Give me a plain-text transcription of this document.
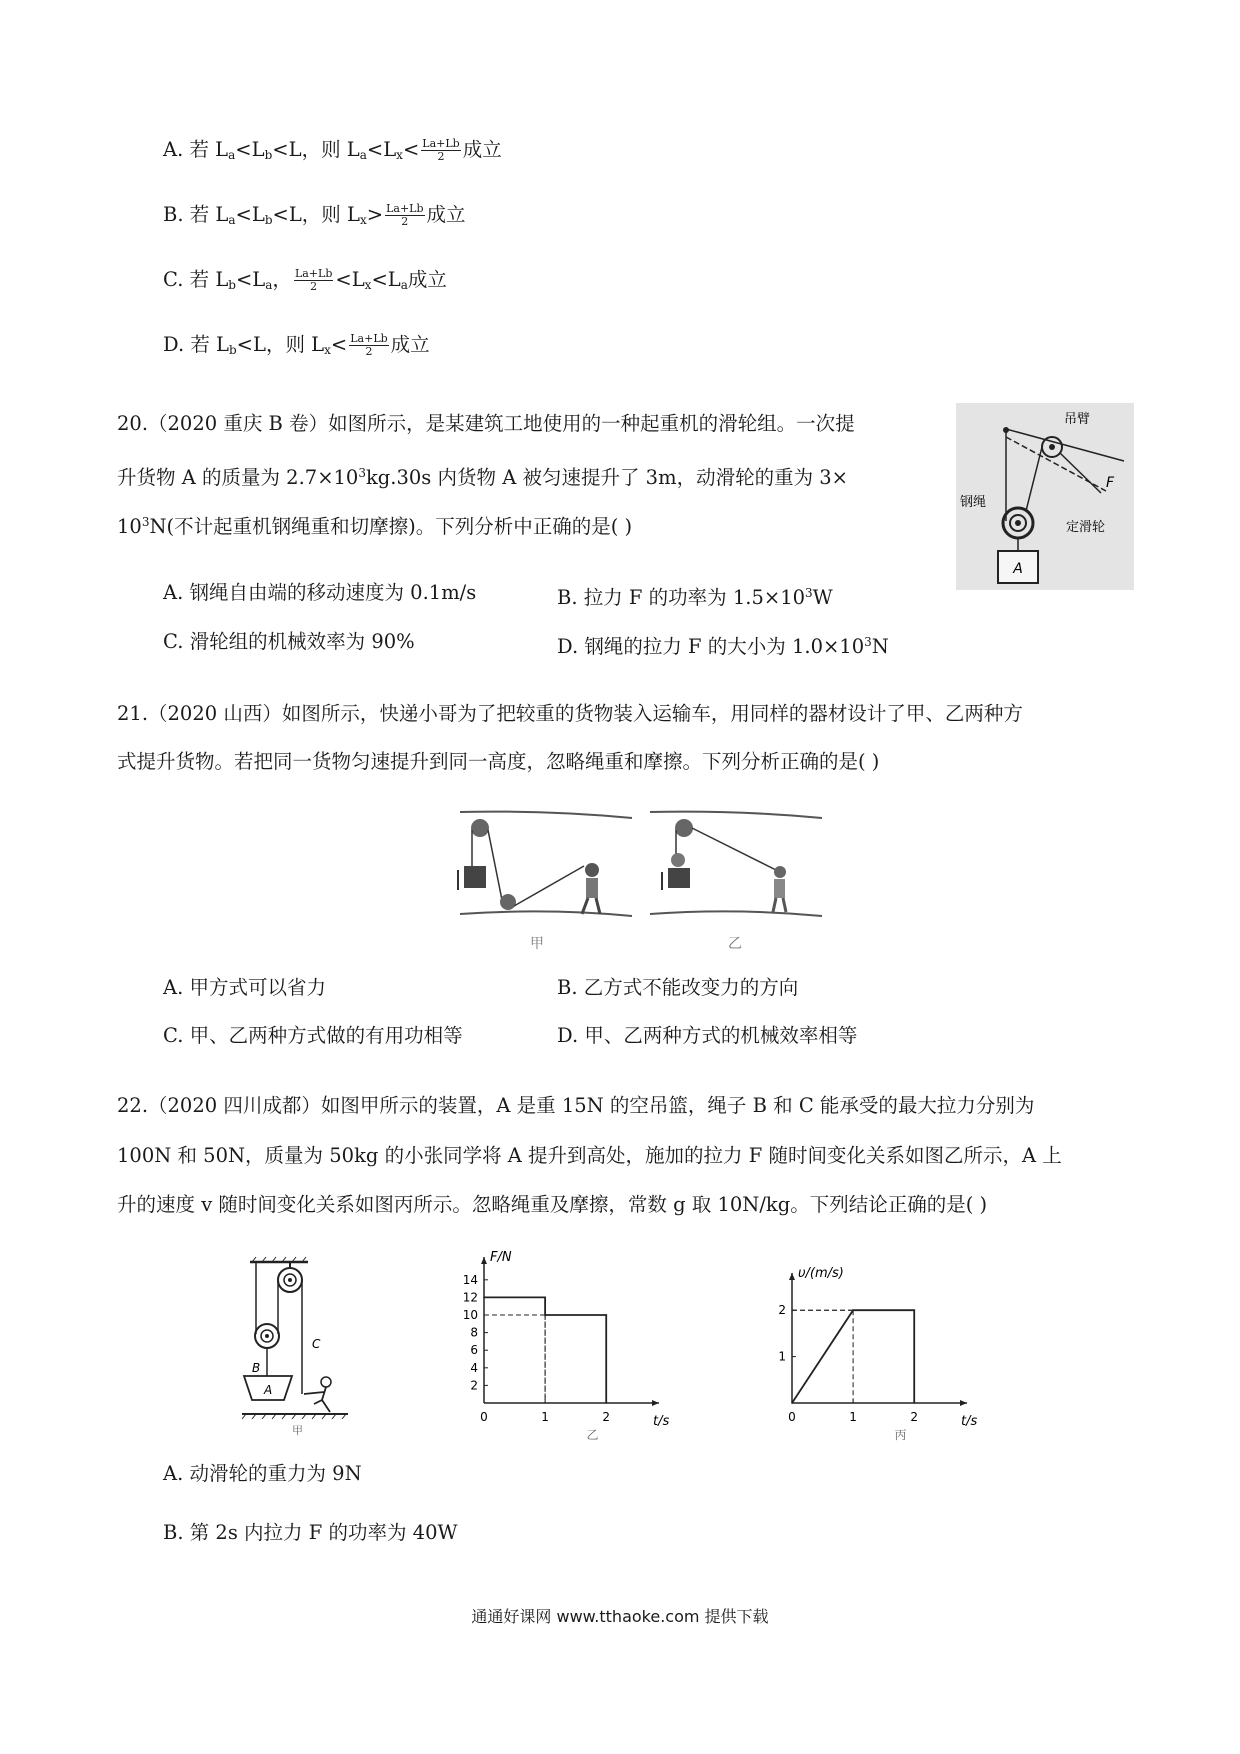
A. 若 $L_a<L_b<L$，则 $L_a<L_x< \frac{La+Lb}{2}$ 成立
B. 若 $L_a<L_b<L$，则 $L_x> \frac{La+Lb}{2}$ 成立
C. 若 $L_b<L_a$， $\frac{La+Lb}{2} <L_x<L_a$成立
D. 若 $L_b<L$，则 $L_x< \frac{La+Lb}{2}$ 成立
20.（2020 重庆 B 卷）如图所示，是某建筑工地使用的一种起重机的滑轮组。一次提
升货物 A 的质量为 $2.7\times 10^3kg.30s$ 内货物 A 被匀速提升了 3m，动滑轮的重为 3×
$10^3N$(不计起重机钢绳重和切摩擦)。下列分析中正确的是( )
A. 钢绳自由端的移动速度为 0.1m/s	B. 拉力 F 的功率为 $1.5\times 10^3W$
C. 滑轮组的机械效率为 90%	D. 钢绳的拉力 F 的大小为 $1.0\times 10^3N$
A
吊臂
钢绳
定滑轮
F
21.（2020 山西）如图所示，快递小哥为了把较重的货物装入运输车，用同样的器材设计了甲、乙两种方
式提升货物。若把同一货物匀速提升到同一高度，忽略绳重和摩擦。下列分析正确的是( )
甲	乙
A. 甲方式可以省力	B. 乙方式不能改变力的方向
C. 甲、乙两种方式做的有用功相等	D. 甲、乙两种方式的机械效率相等
22.（2020 四川成都）如图甲所示的装置，A 是重 15N 的空吊篮，绳子 B 和 C 能承受的最大拉力分别为
100N 和 50N，质量为 50kg 的小张同学将 A 提升到高处，施加的拉力 F 随时间变化关系如图乙所示，A 上
升的速度 v 随时间变化关系如图丙所示。忽略绳重及摩擦，常数 g 取 10N/kg。下列结论正确的是( )
B
C
A
甲
F/N
t/s
0	1	2
2
4
6
8
10
12
14
乙
υ/(m/s)
t/s
0	1	2
1
2
丙
A. 动滑轮的重力为 9N
B. 第 2s 内拉力 F 的功率为 40W
通通好课网 www.tthaoke.com 提供下载
